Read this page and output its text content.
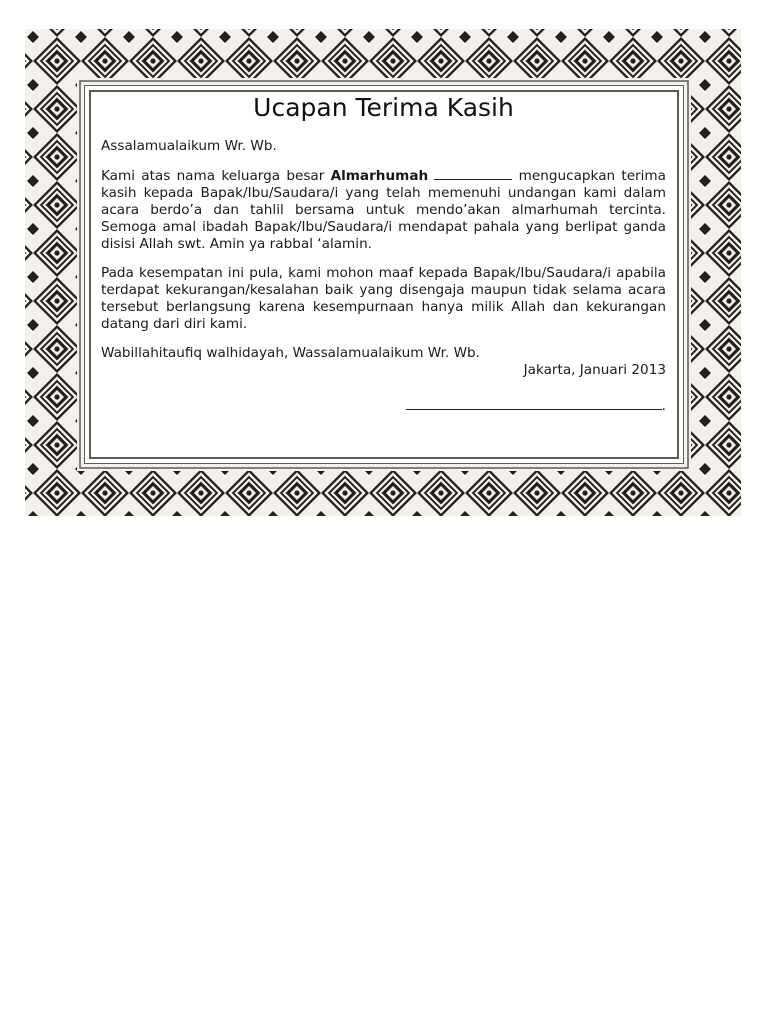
Ucapan Terima Kasih

Assalamualaikum Wr. Wb.

Kami atas nama keluarga besar Almarhumah	mengucapkan terima kasih kepada Bapak/Ibu/Saudara/i yang telah memenuhi undangan kami dalam acara berdo’a dan tahlil bersama untuk mendo’akan almarhumah tercinta. Semoga amal ibadah Bapak/Ibu/Saudara/i mendapat pahala yang berlipat ganda disisi Allah swt. Amin ya rabbal ‘alamin.

Pada kesempatan ini pula, kami mohon maaf kepada Bapak/Ibu/Saudara/i apabila terdapat kekurangan/kesalahan baik yang disengaja maupun tidak selama acara tersebut berlangsung karena kesempurnaan hanya milik Allah dan kekurangan datang dari diri kami.

Wabillahitaufiq walhidayah, Wassalamualaikum Wr. Wb.

Jakarta, Januari 2013

.
